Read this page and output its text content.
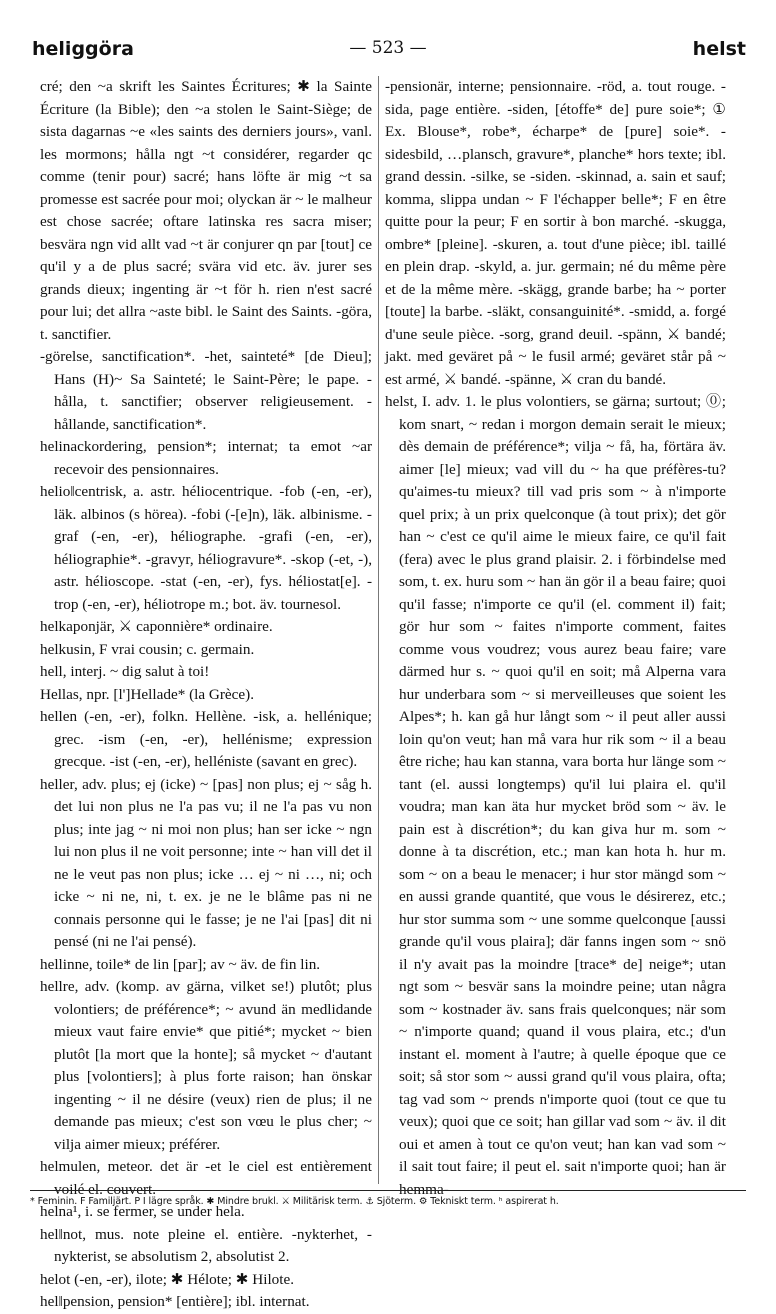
heliggöra	— 523 —	helst

cré; den ~a skrift les Saintes Écritures; ✱ la Sainte Écriture (la Bible); den ~a stolen le Saint-Siège; de sista dagarnas ~e «les saints des derniers jours», vanl. les mormons; hålla ngt ~t considérer, regarder qc comme (tenir pour) sacré; hans löfte är mig ~t sa promesse est sacrée pour moi; olyckan är ~ le malheur est chose sacrée; oftare latinska res sacra miser; besvära ngn vid allt vad ~t är conjurer qn par [tout] ce qu'il y a de plus sacré; svära vid etc. äv. jurer ses grands dieux; ingenting är ~t för h. rien n'est sacré pour lui; det allra ~aste bibl. le Saint des Saints. -göra, t. sanctifier.

-görelse, sanctification*. -het, sainteté* [de Dieu]; Hans (H)~ Sa Sainteté; le Saint-Père; le pape. -hålla, t. sanctifier; observer religieusement. -hållande, sanctification*.

helinackordering, pension*; internat; ta emot ~ar recevoir des pensionnaires.

helio‖centrisk, a. astr. héliocentrique. -fob (-en, -er), läk. albinos (s hörea). -fobi (-[e]n), läk. albinisme. -graf (-en, -er), héliographe. -grafi (-en, -er), héliographie*. -gravyr, héliogravure*. -skop (-et, -), astr. hélioscope. -stat (-en, -er), fys. héliostat[e]. -trop (-en, -er), héliotrope m.; bot. äv. tournesol.

helkaponjär, ⚔ caponnière* ordinaire.

helkusin, F vrai cousin; c. germain.

hell, interj. ~ dig salut à toi!

Hellas, npr. [l']Hellade* (la Grèce).

hellen (-en, -er), folkn. Hellène. -isk, a. hellénique; grec. -ism (-en, -er), hellénisme; expression grecque. -ist (-en, -er), helléniste (savant en grec).

heller, adv. plus; ej (icke) ~ [pas] non plus; ej ~ såg h. det lui non plus ne l'a pas vu; il ne l'a pas vu non plus; inte jag ~ ni moi non plus; han ser icke ~ ngn lui non plus il ne voit personne; inte ~ han vill det il ne le veut pas non plus; icke … ej ~ ni …, ni; och icke ~ ni ne, ni, t. ex. je ne le blâme pas ni ne connais personne qui le fasse; je ne l'ai [pas] dit ni pensé (ni ne l'ai pensé).

hellinne, toile* de lin [par]; av ~ äv. de fin lin.

hellre, adv. (komp. av gärna, vilket se!) plutôt; plus volontiers; de préférence*; ~ avund än medlidande mieux vaut faire envie* que pitié*; mycket ~ bien plutôt [la mort que la honte]; så mycket ~ d'autant plus [volontiers]; à plus forte raison; han önskar ingenting ~ il ne désire (veux) rien de plus; il ne demande pas mieux; c'est son vœu le plus cher; ~ vilja aimer mieux; préférer.

helmulen, meteor. det är -et le ciel est entièrement voilé el. couvert.

helna¹, i. se fermer, se under hela.

hel‖not, mus. note pleine el. entière. -nykterhet, -nykterist, se absolutism 2, absolutist 2.

helot (-en, -er), ilote; ✱ Hélote; ✱ Hilote.

hel‖pension, pension* [entière]; ibl. internat.

-pensionär, interne; pensionnaire. -röd, a. tout rouge. -sida, page entière. -siden, [étoffe* de] pure soie*; ① Ex. Blouse*, robe*, écharpe* de [pure] soie*. -sidesbild, …plansch, gravure*, planche* hors texte; ibl. grand dessin. -silke, se -siden. -skinnad, a. sain et sauf; komma, slippa undan ~ F l'échapper belle*; F en être quitte pour la peur; F en sortir à bon marché. -skugga, ombre* [pleine]. -skuren, a. tout d'une pièce; ibl. taillé en plein drap. -skyld, a. jur. germain; né du même père et de la même mère. -skägg, grande barbe; ha ~ porter [toute] la barbe. -släkt, consanguinité*. -smidd, a. forgé d'une seule pièce. -sorg, grand deuil. -spänn, ⚔ bandé; jakt. med geväret på ~ le fusil armé; geväret står på ~ est armé, ⚔ bandé. -spänne, ⚔ cran du bandé.

helst, I. adv. 1. le plus volontiers, se gärna; surtout; ⓪; kom snart, ~ redan i morgon demain serait le mieux; dès demain de préférence*; vilja ~ få, ha, förtära äv. aimer [le] mieux; vad vill du ~ ha que préfères-tu? qu'aimes-tu mieux? till vad pris som ~ à n'importe quel prix; à un prix quelconque (à tout prix); det gör han ~ c'est ce qu'il aime le mieux faire, ce qu'il fait (fera) avec le plus grand plaisir. 2. i förbindelse med som, t. ex. huru som ~ han än gör il a beau faire; quoi qu'il fasse; n'importe ce qu'il (el. comment il) fait; gör hur som ~ faites n'importe comment, faites comme vous voudrez; vous aurez beau faire; vare därmed hur s. ~ quoi qu'il en soit; må Alperna vara hur underbara som ~ si merveilleuses que soient les Alpes*; h. kan gå hur långt som ~ il peut aller aussi loin qu'on veut; han må vara hur rik som ~ il a beau être riche; hau kan stanna, vara borta hur länge som ~ tant (el. aussi longtemps) qu'il lui plaira el. qu'il voudra; man kan äta hur mycket bröd som ~ äv. le pain est à discrétion*; du kan giva hur m. som ~ donne à ta discrétion, etc.; man kan hota h. hur m. som ~ on a beau le menacer; i hur stor mängd som ~ en aussi grande quantité, que vous le désirerez, etc.; hur stor summa som ~ une somme quelconque [aussi grande qu'il vous plaira]; där fanns ingen som ~ snö il n'y avait pas la moindre [trace* de] neige*; utan ngt som ~ besvär sans la moindre peine; utan några som ~ kostnader äv. sans frais quelconques; när som ~ n'importe quand; quand il vous plaira, etc.; d'un instant el. moment à l'autre; à quelle époque que ce soit; så stor som ~ aussi grand qu'il vous plaira, ofta; tag vad som ~ prends n'importe quoi (tout ce que tu veux); quoi que ce soit; han gillar vad som ~ äv. il dit oui et amen à tout ce qu'on veut; han kan vad som ~ il sait tout faire; il peut el. sait n'importe quoi; han är hemma-

* Feminin. F Familjärt. P I lägre språk. ✱ Mindre brukl. ⚔ Militärisk term. ⚓ Sjöterm. ⚙ Tekniskt term. ʰ aspirerat h.
